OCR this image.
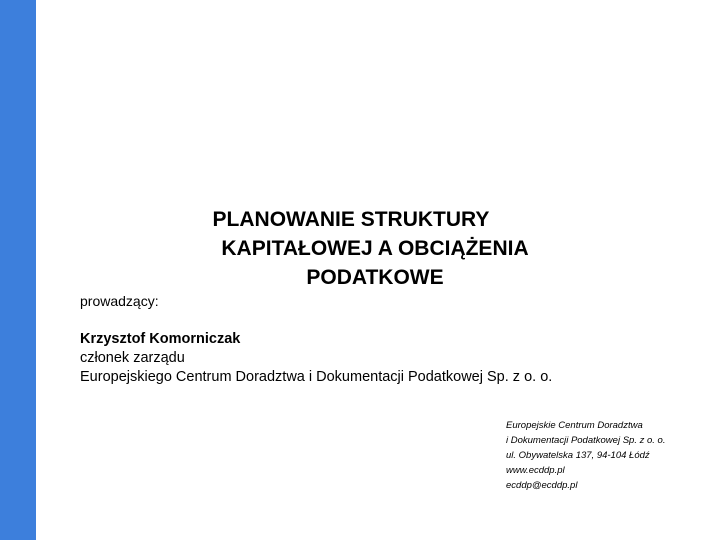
PLANOWANIE STRUKTURY
KAPITAŁOWEJ A OBCIĄŻENIA
PODATKOWE
prowadzący:
Krzysztof Komorniczak
członek zarządu
Europejskiego Centrum Doradztwa i Dokumentacji Podatkowej Sp. z o. o.
Europejskie Centrum Doradztwa
i Dokumentacji Podatkowej Sp. z o. o.
ul. Obywatelska 137, 94-104 Łódź
www.ecddp.pl
ecddp@ecddp.pl
